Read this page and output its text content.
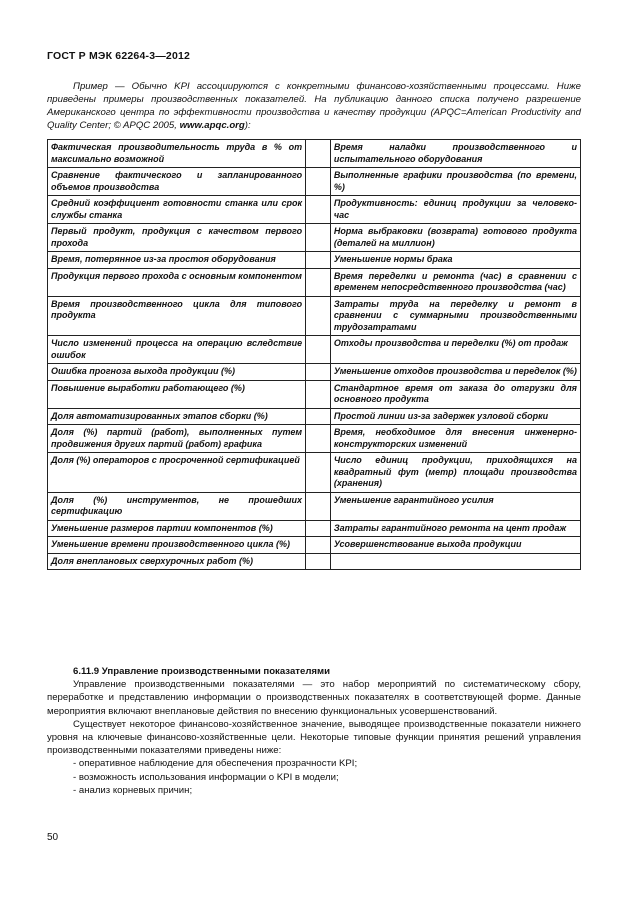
ГОСТ Р МЭК 62264-3—2012
Пример — Обычно KPI ассоциируются с конкретными финансово-хозяйственными процессами. Ниже приведены примеры производственных показателей. На публикацию данного списка получено разрешение Американского центра по эффективности производства и качеству продукции (APQC=American Productivity and Quality Center; © APQC 2005, www.apqc.org):
Фактическая производительность труда в % от максимально возможной		Время наладки производственного и испытательного оборудования
Сравнение фактического и запланированного объемов производства		Выполненные графики производства (по времени, %)
Средний коэффициент готовности станка или срок службы станка		Продуктивность: единиц продукции за человеко-час
Первый продукт, продукция с качеством первого прохода		Норма выбраковки (возврата) готового продукта (деталей на миллион)
Время, потерянное из-за простоя оборудования		Уменьшение нормы брака
Продукция первого прохода с основным компонентом		Время переделки и ремонта (час) в сравнении с временем непосредственного производства (час)
Время производственного цикла для типового продукта		Затраты труда на переделку и ремонт в сравнении с суммарными производственными трудозатратами
Число изменений процесса на операцию вследствие ошибок		Отходы производства и переделки (%) от продаж
Ошибка прогноза выхода продукции (%)		Уменьшение отходов производства и переделок (%)
Повышение выработки работающего (%)		Стандартное время от заказа до отгрузки для основного продукта
Доля автоматизированных этапов сборки (%)		Простой линии из-за задержек узловой сборки
Доля (%) партий (работ), выполненных путем продвижения других партий (работ) графика		Время, необходимое для внесения инженерно-конструкторских изменений
Доля (%) операторов с просроченной сертификацией		Число единиц продукции, приходящихся на квадратный фут (метр) площади производства (хранения)
Доля (%) инструментов, не прошедших сертификацию		Уменьшение гарантийного усилия
Уменьшение размеров партии компонентов (%)		Затраты гарантийного ремонта на цент продаж
Уменьшение времени производственного цикла (%)		Усовершенствование выхода продукции
Доля внеплановых сверхурочных работ (%)		

6.11.9 Управление производственными показателями

Управление производственными показателями — это набор мероприятий по систематическому сбору, переработке и представлению информации о производственных показателях в соответствующей форме. Данные мероприятия включают внеплановые действия по внесению функциональных усовершенствований.

Существует некоторое финансово-хозяйственное значение, выводящее производственные показатели нижнего уровня на ключевые финансово-хозяйственные цели. Некоторые типовые функции принятия решений управления производственными показателями приведены ниже:

- оперативное наблюдение для обеспечения прозрачности KPI;

- возможность использования информации о KPI в модели;

- анализ корневых причин;

50
